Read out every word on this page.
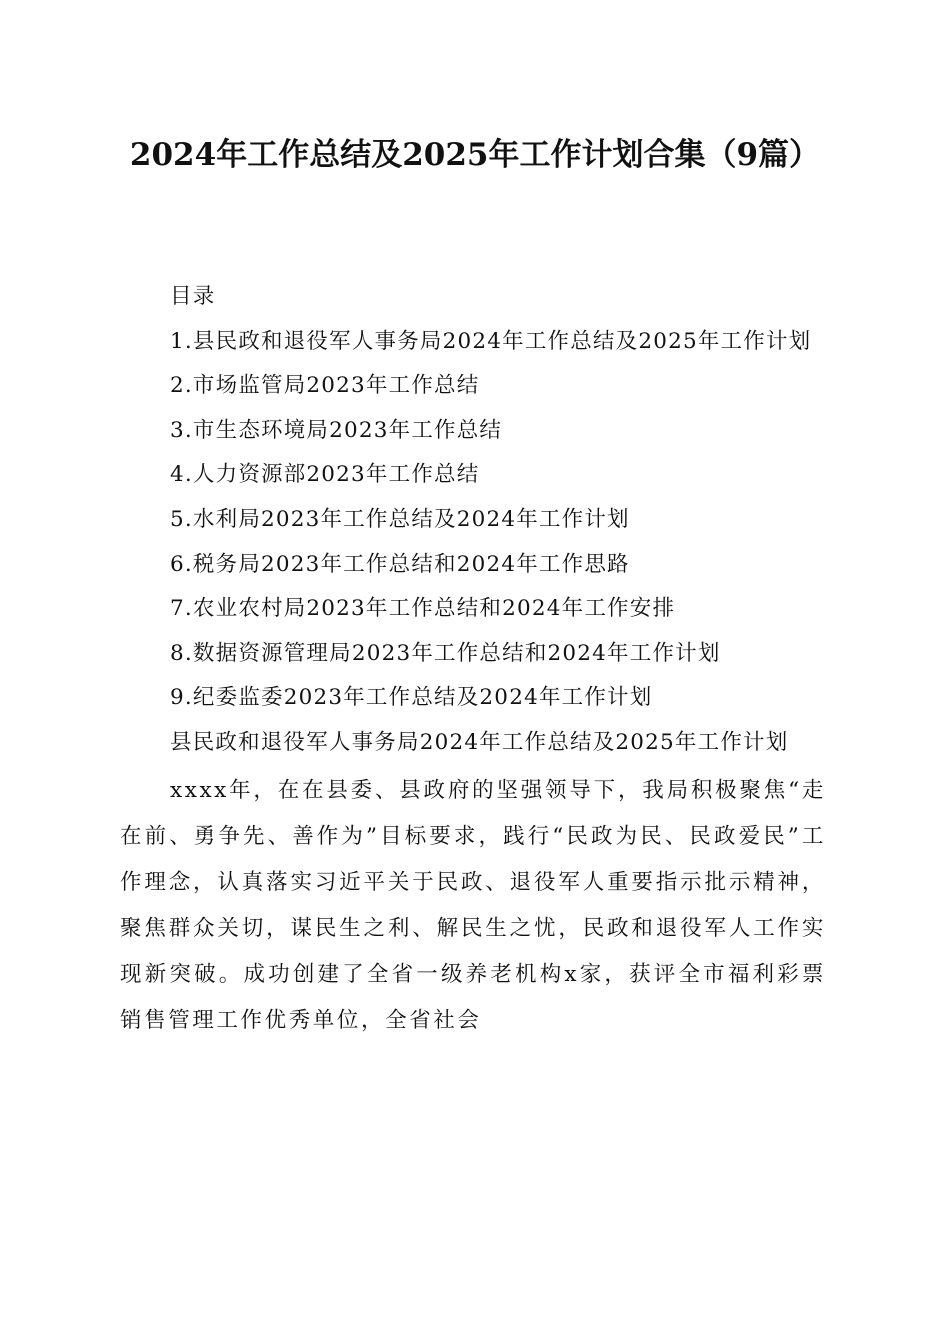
2024年工作总结及2025年工作计划合集（9篇）

目录

1.县民政和退役军人事务局2024年工作总结及2025年工作计划

2.市场监管局2023年工作总结

3.市生态环境局2023年工作总结

4.人力资源部2023年工作总结

5.水利局2023年工作总结及2024年工作计划

6.税务局2023年工作总结和2024年工作思路

7.农业农村局2023年工作总结和2024年工作安排

8.数据资源管理局2023年工作总结和2024年工作计划

9.纪委监委2023年工作总结及2024年工作计划

县民政和退役军人事务局2024年工作总结及2025年工作计划

xxxx年，在在县委、县政府的坚强领导下，我局积极聚焦“走在前、勇争先、善作为”目标要求，践行“民政为民、民政爱民”工作理念，认真落实习近平关于民政、退役军人重要指示批示精神，聚焦群众关切，谋民生之利、解民生之忧，民政和退役军人工作实现新突破。成功创建了全省一级养老机构x家，获评全市福利彩票销售管理工作优秀单位，全省社会
